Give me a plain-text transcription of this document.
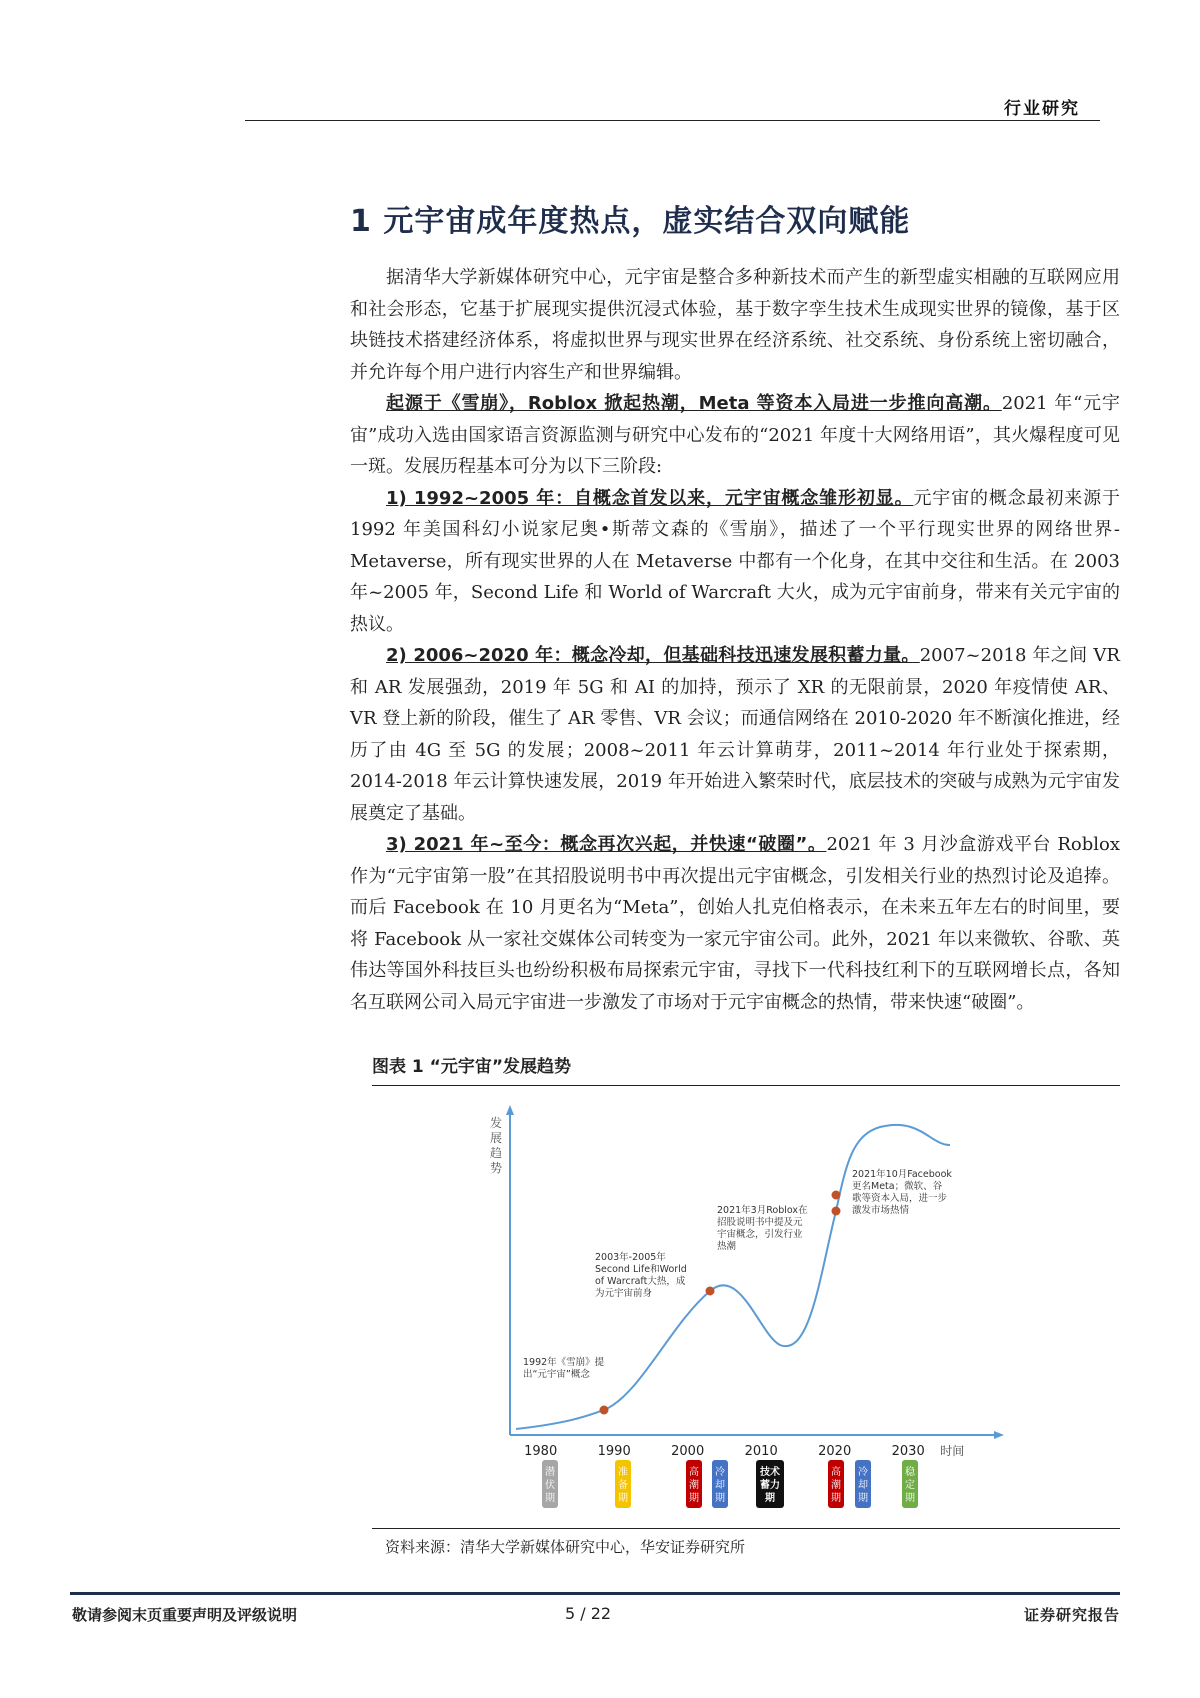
行业研究
1 元宇宙成年度热点，虚实结合双向赋能

据清华大学新媒体研究中心，元宇宙是整合多种新技术而产生的新型虚实相融的互联网应用和社会形态，它基于扩展现实提供沉浸式体验，基于数字孪生技术生成现实世界的镜像，基于区块链技术搭建经济体系，将虚拟世界与现实世界在经济系统、社交系统、身份系统上密切融合，并允许每个用户进行内容生产和世界编辑。

起源于《雪崩》，Roblox 掀起热潮，Meta 等资本入局进一步推向高潮。2021 年“元宇宙”成功入选由国家语言资源监测与研究中心发布的“2021 年度十大网络用语”，其火爆程度可见一斑。发展历程基本可分为以下三阶段:

1) 1992~2005 年：自概念首发以来，元宇宙概念雏形初显。元宇宙的概念最初来源于 1992 年美国科幻小说家尼奥•斯蒂文森的《雪崩》，描述了一个平行现实世界的网络世界-Metaverse，所有现实世界的人在 Metaverse 中都有一个化身，在其中交往和生活。在 2003 年~2005 年，Second Life 和 World of Warcraft 大火，成为元宇宙前身，带来有关元宇宙的热议。

2) 2006~2020 年：概念冷却，但基础科技迅速发展积蓄力量。2007~2018 年之间 VR 和 AR 发展强劲，2019 年 5G 和 AI 的加持，预示了 XR 的无限前景，2020 年疫情使 AR、VR 登上新的阶段，催生了 AR 零售、VR 会议；而通信网络在 2010-2020 年不断演化推进，经历了由 4G 至 5G 的发展；2008~2011 年云计算萌芽，2011~2014 年行业处于探索期，2014-2018 年云计算快速发展，2019 年开始进入繁荣时代，底层技术的突破与成熟为元宇宙发展奠定了基础。

3) 2021 年~至今：概念再次兴起，并快速“破圈”。2021 年 3 月沙盒游戏平台 Roblox 作为“元宇宙第一股”在其招股说明书中再次提出元宇宙概念，引发相关行业的热烈讨论及追捧。而后 Facebook 在 10 月更名为“Meta”，创始人扎克伯格表示，在未来五年左右的时间里，要将 Facebook 从一家社交媒体公司转变为一家元宇宙公司。此外，2021 年以来微软、谷歌、英伟达等国外科技巨头也纷纷积极布局探索元宇宙，寻找下一代科技红利下的互联网增长点，各知名互联网公司入局元宇宙进一步激发了市场对于元宇宙概念的热情，带来快速“破圈”。

图表 1 “元宇宙”发展趋势
发
展
趋
势
1980	1990	2000	2010	2020	2030 时间
1992年《雪崩》提
出“元宇宙”概念
2003年-2005年
Second Life和World
of Warcraft大热，成
为元宇宙前身
2021年3月Roblox在
招股说明书中提及元
宇宙概念，引发行业
热潮
2021年10月Facebook
更名Meta；微软、谷
歌等资本入局，进一步
激发市场热情
潜
伏
期
准
备
期
高
潮
期
冷
却
期
技术
蓄力
期
高
潮
期
冷
却
期
稳
定
期
资料来源：清华大学新媒体研究中心，华安证券研究所
敬请参阅末页重要声明及评级说明	5 / 22	证券研究报告
